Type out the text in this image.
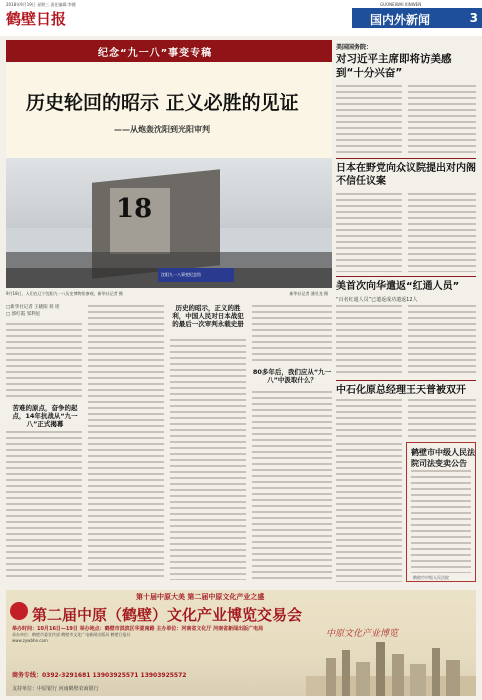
2018年9月19日 星期三 责任编辑:李健
鹤壁日报
GUONEIWAI XINWEN
国内外新闻	3
纪念“九一八”事变专稿
历史轮回的昭示 正义必胜的见证
——从炮轰沈阳到光阳审判
18
沈阳九一八事变纪念馆
9月18日，人们在辽宁沈阳九一八历史博物馆参观。新华社记者 摄	新华社记者 潘昱龙 摄
□新华社记者 王晓阳 蒋 瑶
□ 郭红霞 邹利星
苦难的原点，奋争的起点，14年抗战从“九一八”正式揭幕
历史的昭示，正义的胜利，中国人民对日本战犯的最后一次审判永载史册
80多年后，我们应从“九一八”中汲取什么？
美国国务院：
对习近平主席即将访美感到“十分兴奋”
日本在野党向众议院提出对内阁不信任议案
美首次向华遣返“红通人员”
“百名红通人员”已遣返成功遣返12人
中石化原总经理王天普被双开
鹤壁市中级人民法院司法变卖公告
鹤壁市中级人民法院
第十届中原大美 第二届中原文化产业之盛
第二届中原（鹤壁）文化产业博览交易会
举办时间：10月16日—19日 举办地点：鹤壁市淇滨区华夏南路 主办单位：河南省文化厅 河南省新闻出版广电局
承办单位：鹤壁市委宣传部 鹤壁市文化广电新闻出版局 鹤壁日报社
www.zywbhe.com
商务专线：0392-3291681 13903925571 13903925572
支持单位：中原银行 河南鹤壁农商银行
中原文化产业博览
